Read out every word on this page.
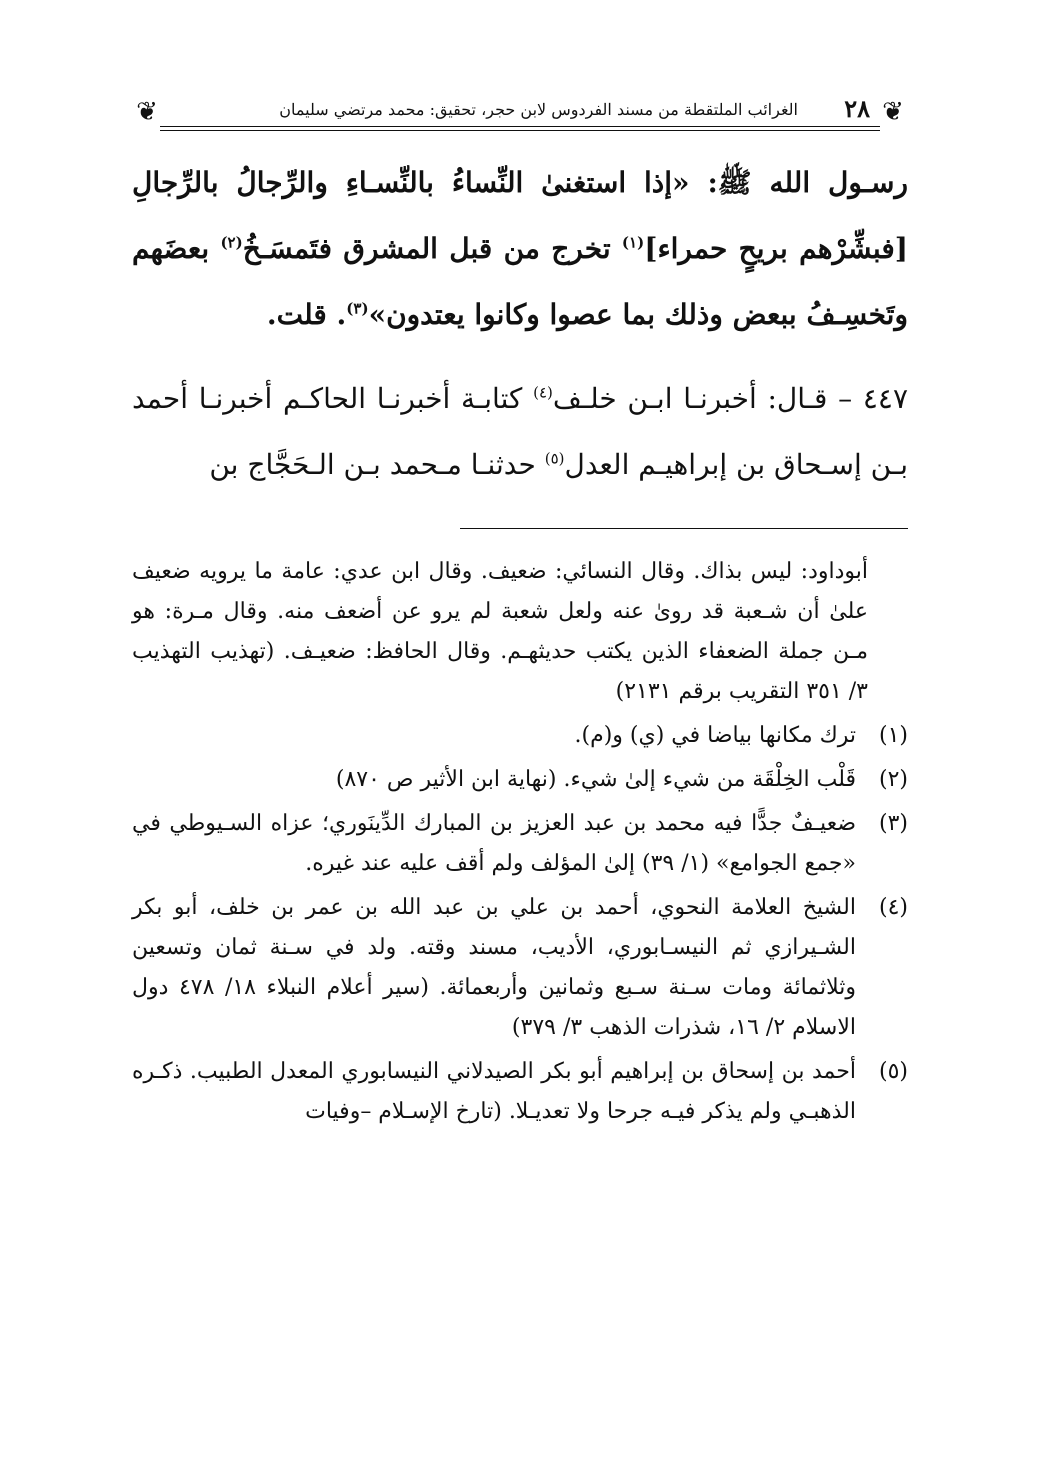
❦
٢٨
الغرائب الملتقطة من مسند الفردوس لابن حجر، تحقيق: محمد مرتضي سليمان
❦

رسـول الله ﷺ: «إذا استغنىٰ النِّساءُ بالنِّسـاءِ والرِّجالُ بالرِّجالِ [فبشِّرْهم بريحٍ حمراء]$^{(١)}$ تخرج من قبل المشرق فتَمسَـخُ$^{(٢)}$ بعضَهم وتَخسِـفُ ببعض وذلك بما عصوا وكانوا يعتدون»$^{(٣)}$. قلت.

٤٤٧ – قـال: أخبرنـا ابـن خلـف$^{(٤)}$ كتابـة أخبرنـا الحاكـم أخبرنـا أحمد بـن إسـحاق بن إبراهيـم العدل$^{(٥)}$ حدثنـا مـحمد بـن الـحَجَّاج بن

أبوداود: ليس بذاك. وقال النسائي: ضعيف. وقال ابن عدي: عامة ما يرويه ضعيف علىٰ أن شـعبة قد روىٰ عنه ولعل شعبة لم يرو عن أضعف منه. وقال مـرة: هو مـن جملة الضعفاء الذين يكتب حديثهـم. وقال الحافظ: ضعيـف. (تهذيب التهذيب ٣/ ٣٥١ التقريب برقم ٢١٣١)

(١)
ترك مكانها بياضا في (ي) و(م).
(٢)
قَلْب الخِلْقَة من شيء إلىٰ شيء. (نهاية ابن الأثير ص ٨٧٠)
(٣)
ضعيـفٌ جدًّا فيه محمد بن عبد العزيز بن المبارك الدِّينَوري؛ عزاه السـيوطي في «جمع الجوامع» (١/ ٣٩) إلىٰ المؤلف ولم أقف عليه عند غيره.
(٤)
الشيخ العلامة النحوي، أحمد بن علي بن عبد الله بن عمر بن خلف، أبو بكر الشـيرازي ثم النيسـابوري، الأديب، مسند وقته. ولد في سـنة ثمان وتسعين وثلاثمائة ومات سـنة سـبع وثمانين وأربعمائة. (سير أعلام النبلاء ١٨/ ٤٧٨ دول الاسلام ٢/ ١٦، شذرات الذهب ٣/ ٣٧٩)
(٥)
أحمد بن إسحاق بن إبراهيم أبو بكر الصيدلاني النيسابوري المعدل الطبيب. ذكـره الذهبـي ولم يذكر فيـه جرحا ولا تعديـلا. (تارخ الإسـلام –وفيات
